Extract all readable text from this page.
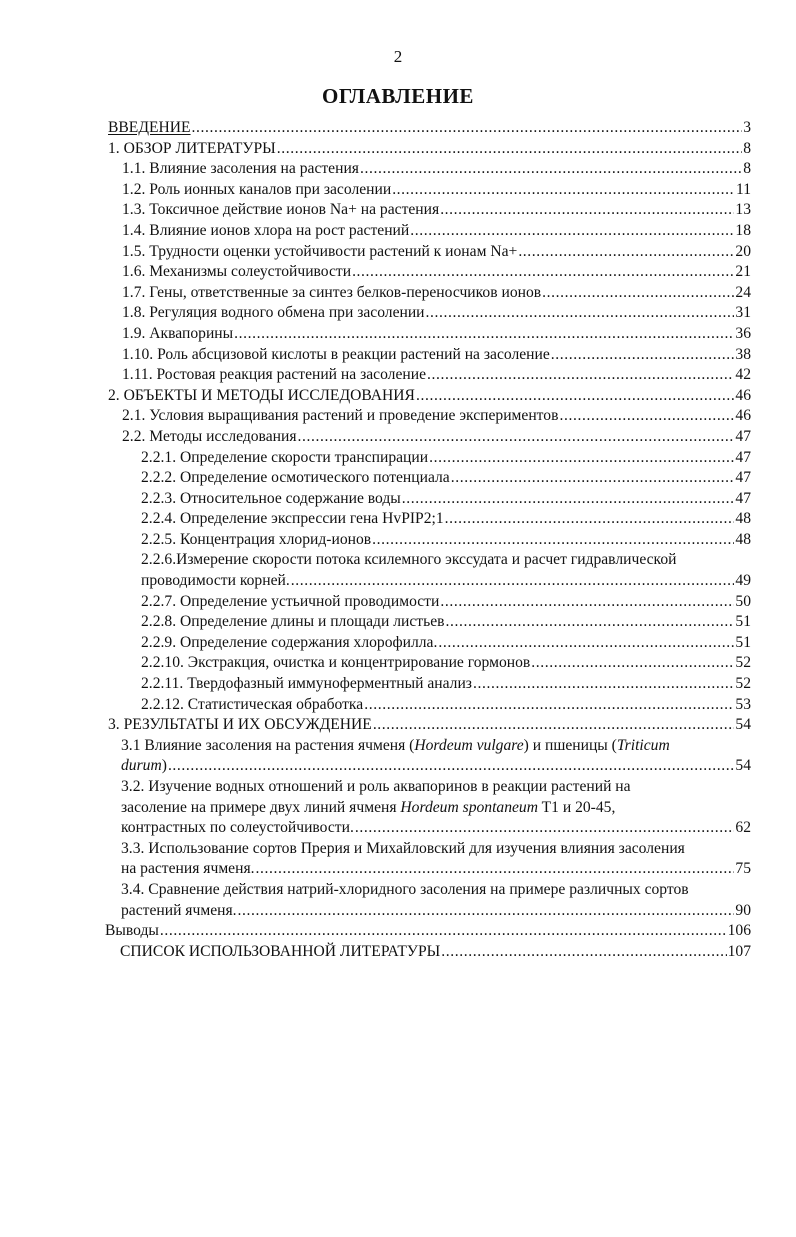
2
ОГЛАВЛЕНИЕ
ВВЕДЕНИЕ .....	3
1. ОБЗОР ЛИТЕРАТУРЫ .....	8
1.1. Влияние засоления на растения .....	8
1.2. Роль ионных каналов при засолении .....	11
1.3. Токсичное действие ионов Na+ на растения .....	13
1.4. Влияние ионов хлора на рост растений .....	18
1.5. Трудности оценки устойчивости растений к ионам Na+ .....	20
1.6. Механизмы солеустойчивости .....	21
1.7. Гены, ответственные за синтез белков-переносчиков ионов .....	24
1.8. Регуляция водного обмена при засолении .....	31
1.9. Аквапорины .....	36
1.10. Роль абсцизовой кислоты в реакции растений на засоление .....	38
1.11. Ростовая реакция растений на засоление .....	42
2. ОБЪЕКТЫ И МЕТОДЫ ИССЛЕДОВАНИЯ .....	46
2.1. Условия выращивания растений и проведение экспериментов .....	46
2.2. Методы исследования .....	47
2.2.1. Определение скорости транспирации .....	47
2.2.2. Определение осмотического потенциала .....	47
2.2.3. Относительное содержание воды .....	47
2.2.4. Определение экспрессии гена HvPIP2;1 .....	48
2.2.5. Концентрация хлорид-ионов .....	48
2.2.6.Измерение скорости потока ксилемного экссудата и расчет гидравлической
проводимости корней. .....	49
2.2.7. Определение устьичной проводимости .....	50
2.2.8. Определение длины и площади листьев .....	51
2.2.9. Определение содержания хлорофилла. .....	51
2.2.10. Экстракция, очистка и концентрирование гормонов .....	52
2.2.11. Твердофазный иммуноферментный анализ .....	52
2.2.12. Статистическая обработка .....	53
3. РЕЗУЛЬТАТЫ И ИХ ОБСУЖДЕНИЕ .....	54
3.1 Влияние засоления на растения ячменя (Hordeum vulgare) и пшеницы (Triticum
durum) .....	54
3.2. Изучение водных отношений и роль аквапоринов в реакции растений на
засоление на примере двух линий ячменя Hordeum spontaneum T1 и 20-45,
контрастных по солеустойчивости. .....	62
3.3. Использование сортов Прерия и Михайловский для изучения влияния засоления
на растения ячменя. .....	75
3.4. Сравнение действия натрий-хлоридного засоления на примере различных сортов
растений ячменя. .....	90
Выводы .....	106
СПИСОК ИСПОЛЬЗОВАННОЙ ЛИТЕРАТУРЫ .....	107
